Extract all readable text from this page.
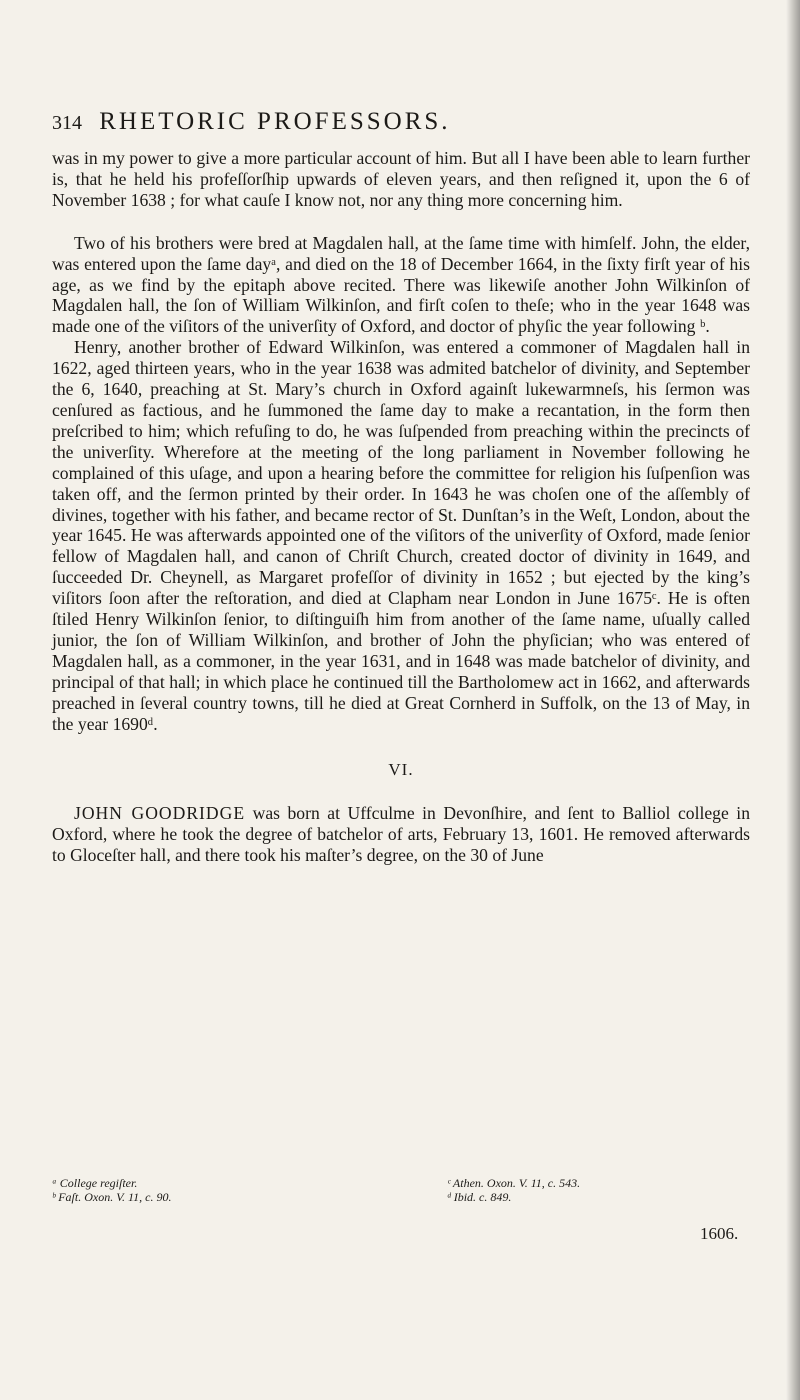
314 RHETORIC PROFESSORS.

was in my power to give a more particular account of him. But all I have been able to learn further is, that he held his profeſſorſhip upwards of eleven years, and then reſigned it, upon the 6 of November 1638 ; for what cauſe I know not, nor any thing more concerning him.

Two of his brothers were bred at Magdalen hall, at the ſame time with himſelf. John, the elder, was entered upon the ſame dayᵃ, and died on the 18 of December 1664, in the ſixty firſt year of his age, as we find by the epitaph above recited. There was likewiſe another John Wilkinſon of Magdalen hall, the ſon of William Wilkinſon, and firſt coſen to theſe; who in the year 1648 was made one of the viſitors of the univerſity of Oxford, and doctor of phyſic the year following ᵇ.

Henry, another brother of Edward Wilkinſon, was entered a commoner of Magdalen hall in 1622, aged thirteen years, who in the year 1638 was admited batchelor of divinity, and September the 6, 1640, preaching at St. Mary’s church in Oxford againſt lukewarmneſs, his ſermon was cenſured as factious, and he ſummoned the ſame day to make a recantation, in the form then preſcribed to him; which refuſing to do, he was ſuſpended from preaching within the precincts of the univerſity. Wherefore at the meeting of the long parliament in November following he complained of this uſage, and upon a hearing before the committee for religion his ſuſpenſion was taken off, and the ſermon printed by their order. In 1643 he was choſen one of the aſſembly of divines, together with his father, and became rector of St. Dunſtan’s in the Weſt, London, about the year 1645. He was afterwards appointed one of the viſitors of the univerſity of Oxford, made ſenior fellow of Magdalen hall, and canon of Chriſt Church, created doctor of divinity in 1649, and ſucceeded Dr. Cheynell, as Margaret profeſſor of divinity in 1652 ; but ejected by the king’s viſitors ſoon after the reſtoration, and died at Clapham near London in June 1675ᶜ. He is often ſtiled Henry Wilkinſon ſenior, to diſtinguiſh him from another of the ſame name, uſually called junior, the ſon of William Wilkinſon, and brother of John the phyſician; who was entered of Magdalen hall, as a commoner, in the year 1631, and in 1648 was made batchelor of divinity, and principal of that hall; in which place he continued till the Bartholomew act in 1662, and afterwards preached in ſeveral country towns, till he died at Great Cornherd in Suffolk, on the 13 of May, in the year 1690ᵈ.

VI.

JOHN GOODRIDGE was born at Uffculme in Devonſhire, and ſent to Balliol college in Oxford, where he took the degree of batchelor of arts, February 13, 1601. He removed afterwards to Gloceſter hall, and there took his maſter’s degree, on the 30 of June

ᵃ College regiſter.
ᵇ Faſt. Oxon. V. 11, c. 90.
ᶜ Athen. Oxon. V. 11, c. 543.
ᵈ Ibid. c. 849.
1606.
